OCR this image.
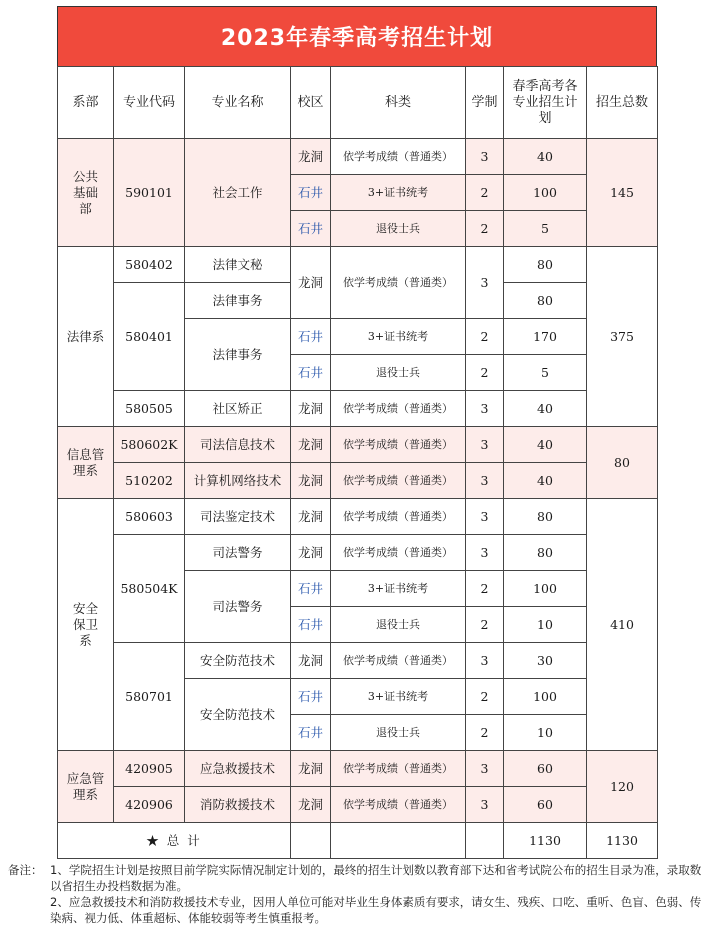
2023年春季高考招生计划
系部	专业代码	专业名称	校区	科类	学制	春季高考各专业招生计划	招生总数

公共基础部	590101	社会工作	龙洞	依学考成绩（普通类）	3	40	145
			石井	3+证书统考	2	100	
			石井	退役士兵	2	5	
法律系	580402	法律文秘	龙洞	依学考成绩（普通类）	3	80	375
	580401	法律事务				80	
		法律事务	石井	3+证书统考	2	170	
			石井	退役士兵	2	5	
	580505	社区矫正	龙洞	依学考成绩（普通类）	3	40	

信息管理系	580602K	司法信息技术	龙洞	依学考成绩（普通类）	3	40	80
	510202	计算机网络技术	龙洞	依学考成绩（普通类）	3	40	

安全保卫系	580603	司法鉴定技术	龙洞	依学考成绩（普通类）	3	80	410
	580504K	司法警务	龙洞	依学考成绩（普通类）	3	80	
		司法警务	石井	3+证书统考	2	100	
			石井	退役士兵	2	10	
	580701	安全防范技术	龙洞	依学考成绩（普通类）	3	30	
		安全防范技术	石井	3+证书统考	2	100	
			石井	退役士兵	2	10	

应急管理系	420905	应急救援技术	龙洞	依学考成绩（普通类）	3	60	120
	420906	消防救援技术	龙洞	依学考成绩（普通类）	3	60	
★ 总 计						1130	1130
备注： 1、学院招生计划是按照目前学院实际情况制定计划的，最终的招生计划数以教育部下达和省考试院公布的招生目录为准，录取数以省招生办投档数据为准。
2、应急救援技术和消防救援技术专业，因用人单位可能对毕业生身体素质有要求，请女生、残疾、口吃、重听、色盲、色弱、传染病、视力低、体重超标、体能较弱等考生慎重报考。
